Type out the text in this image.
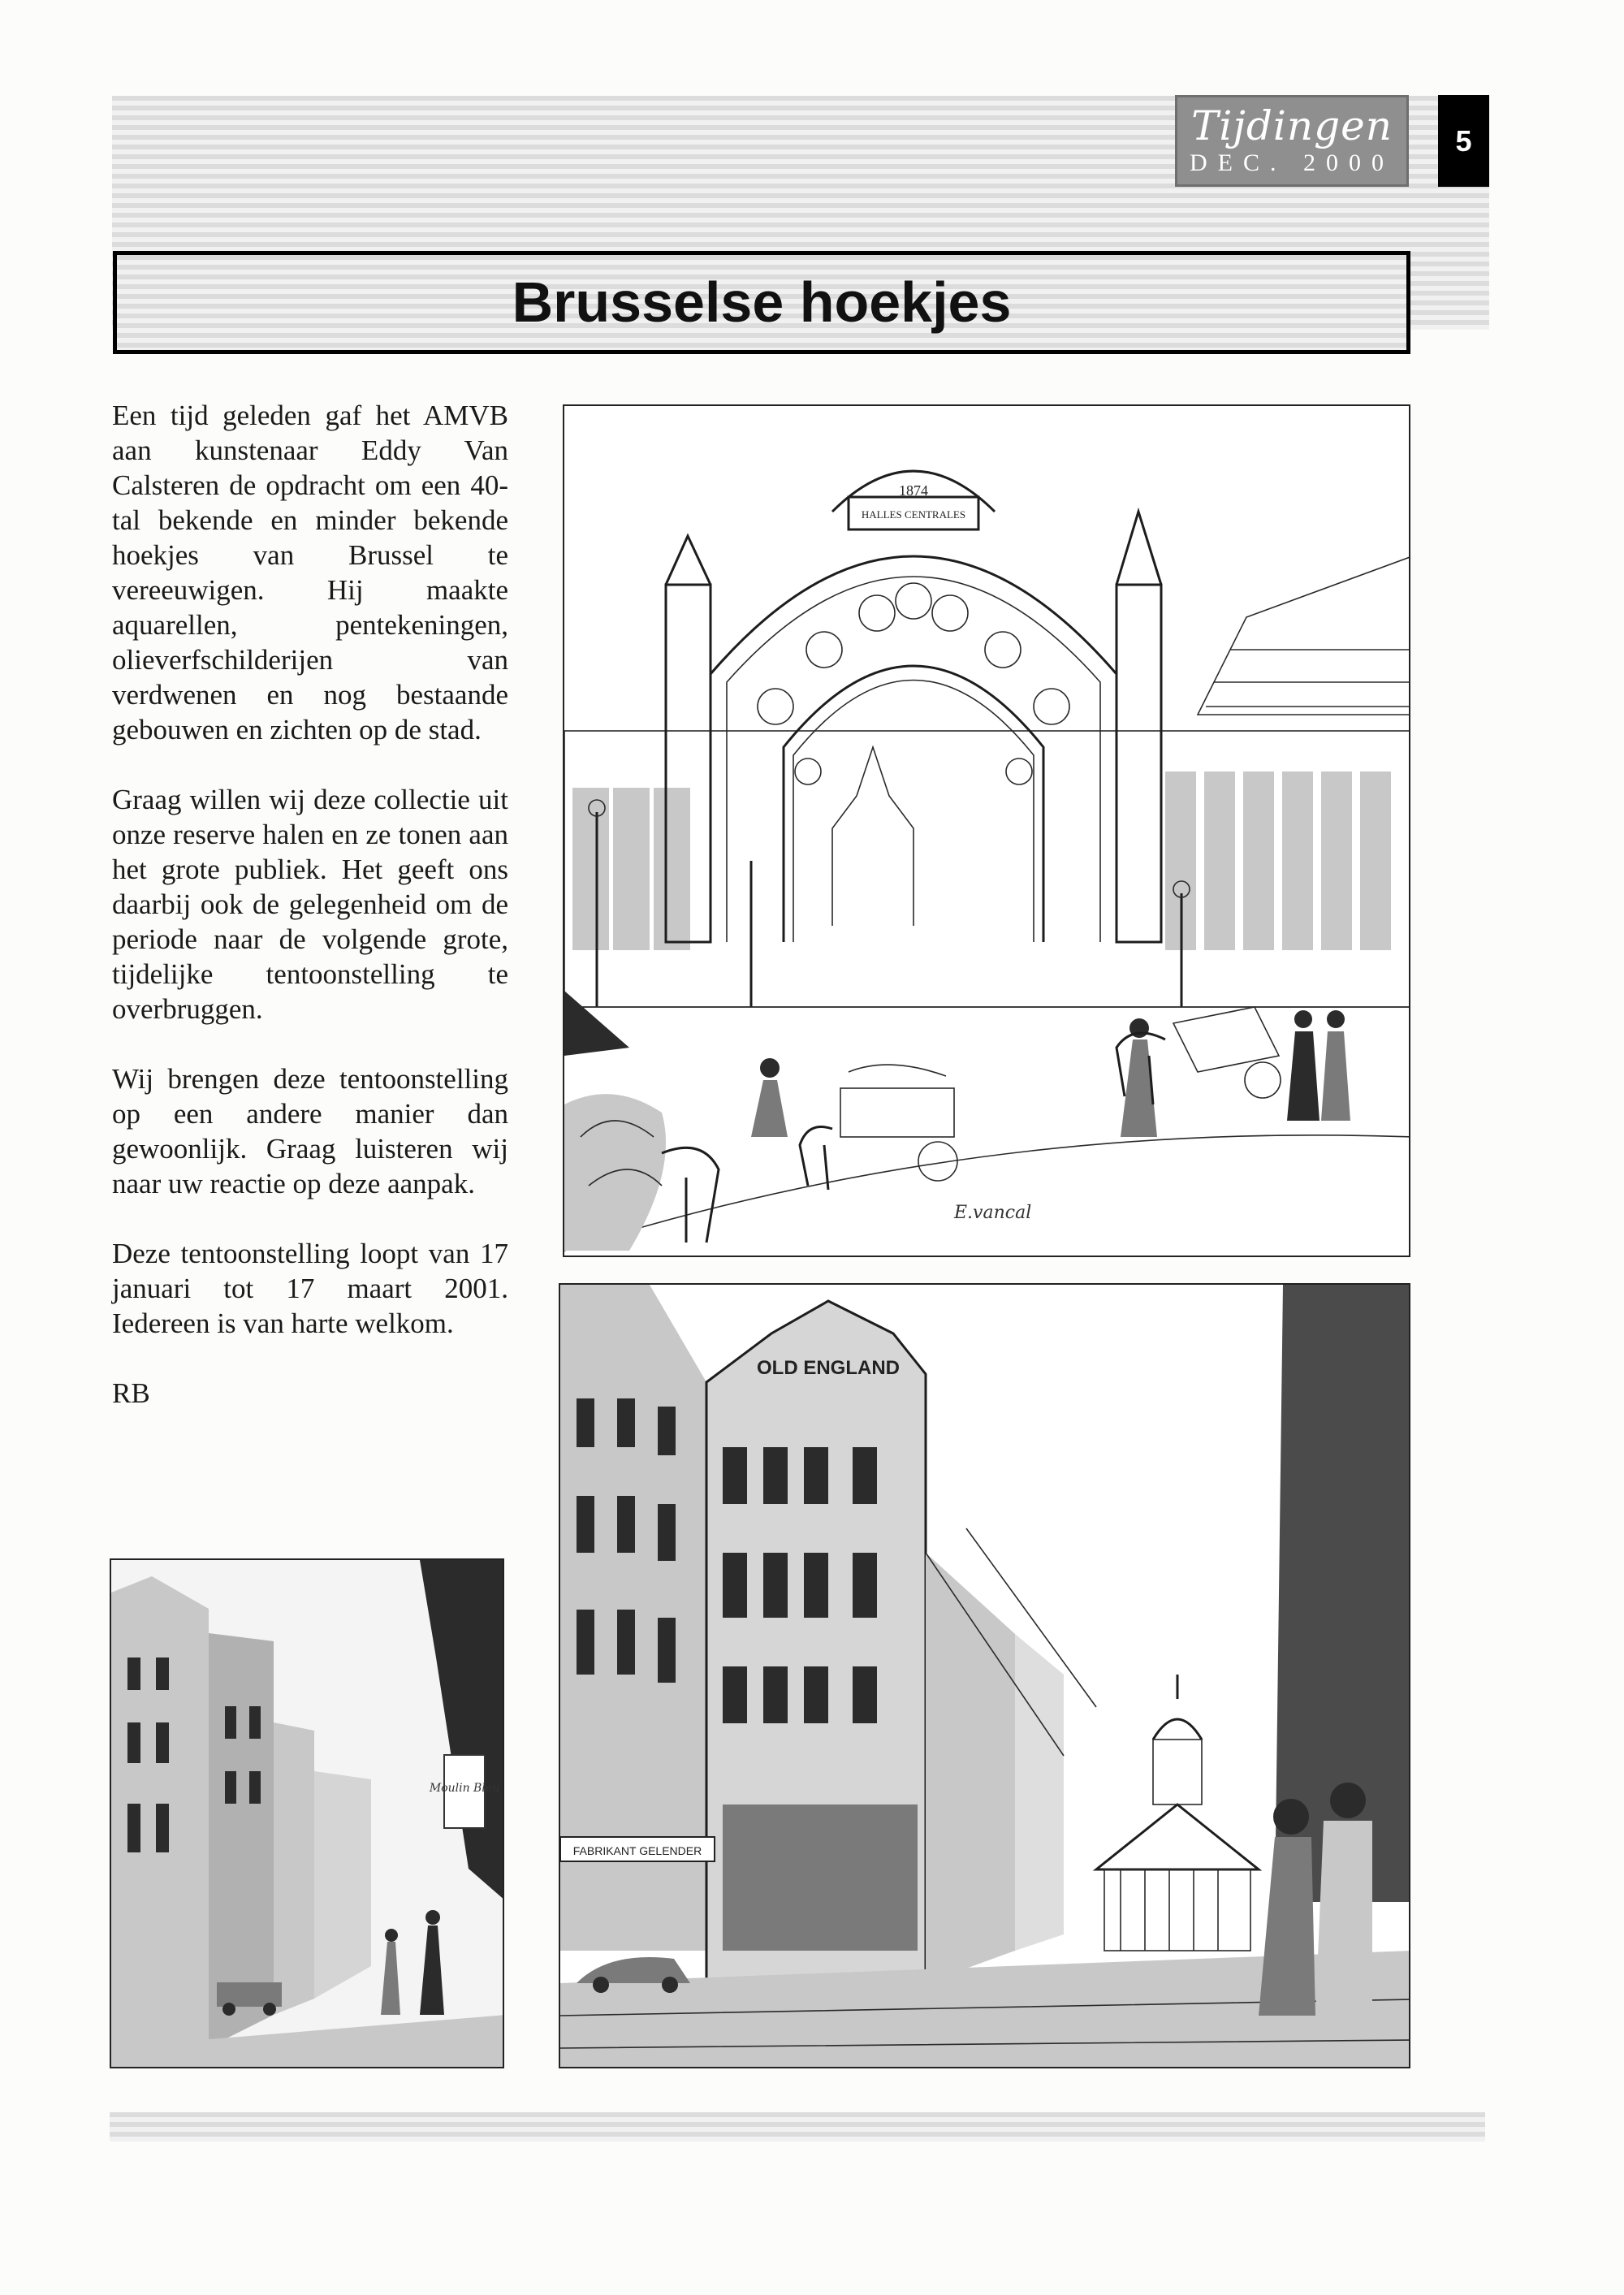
Tijdingen
DEC. 2000
5
Brusselse hoekjes

Een tijd geleden gaf het AMVB aan kunstenaar Eddy Van Calsteren de opdracht om een 40-tal bekende en minder bekende hoekjes van Brussel te vereeuwigen. Hij maakte aquarellen, pentekeningen, olieverfschilderijen van verdwenen en nog bestaande gebouwen en zichten op de stad.

Graag willen wij deze collectie uit onze reserve halen en ze tonen aan het grote publiek. Het geeft ons daarbij ook de gelegenheid om de periode naar de volgende grote, tijdelijke tentoonstelling te overbruggen.

Wij brengen deze tentoonstelling op een andere manier dan gewoonlijk. Graag luisteren wij naar uw reactie op deze aanpak.

Deze tentoonstelling loopt van 17 januari tot 17 maart 2001. Iedereen is van harte welkom.

RB

1874
HALLES CENTRALES
E.vancal
Moulin Bleu
OLD ENGLAND
FABRIKANT GELENDER
